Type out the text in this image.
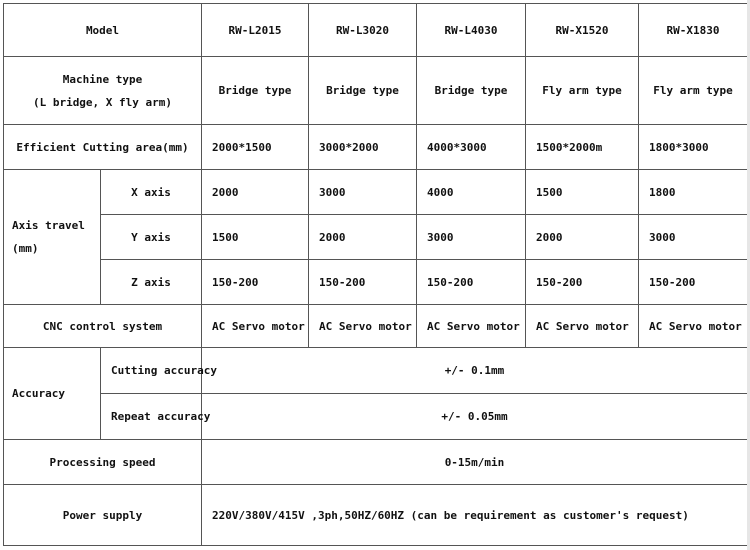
Model		RW-L2015	RW-L3020	RW-L4030	RW-X1520	RW-X1830
Machine type
(L bridge, X fly arm)		Bridge type	Bridge type	Bridge type	Fly arm type	Fly arm type
Efficient Cutting area(mm)		2000*1500	3000*2000	4000*3000	1500*2000m	1800*3000
Axis travel
(mm)	X axis	2000	3000	4000	1500	1800
	Y axis	1500	2000	3000	2000	3000
	Z axis	150-200	150-200	150-200	150-200	150-200
CNC control system		AC Servo motor	AC Servo motor	AC Servo motor	AC Servo motor	AC Servo motor
Accuracy	Cutting accuracy	+/- 0.1mm				
	Repeat accuracy	+/- 0.05mm				
Processing speed		0-15m/min				
Power supply		220V/380V/415V ,3ph,50HZ/60HZ (can be requirement as customer's request)				
